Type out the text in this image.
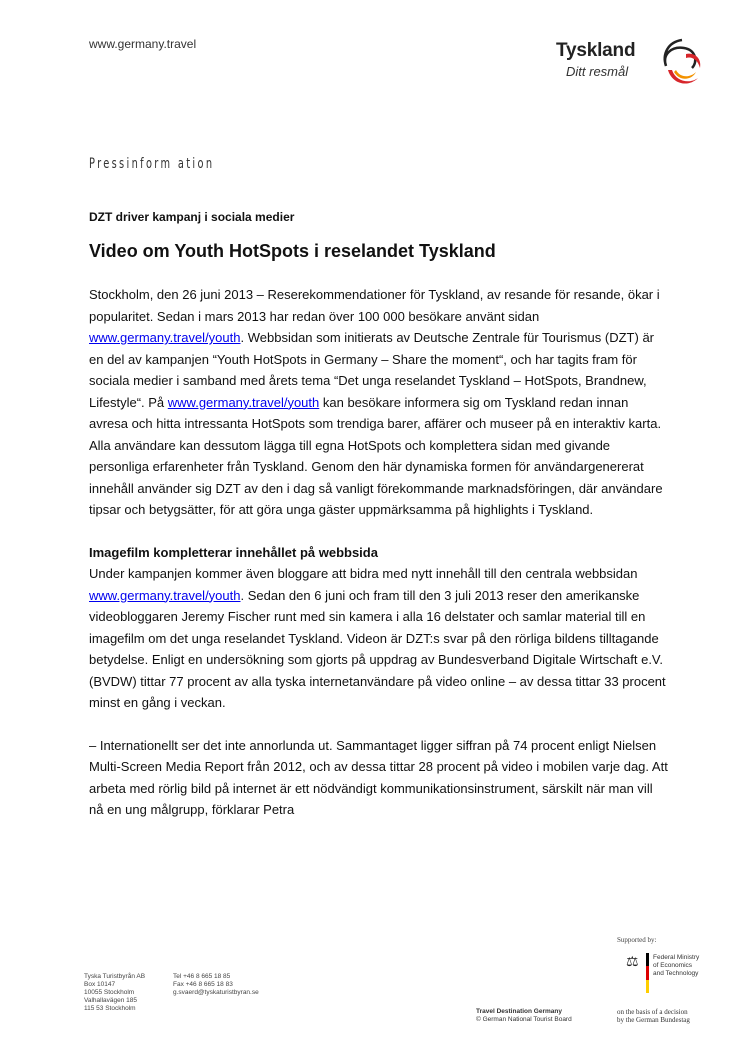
www.germany.travel	Tyskland
Ditt resmål
Pressinform ation
DZT driver kampanj i sociala medier
Video om Youth HotSpots i reselandet Tyskland

Stockholm, den 26 juni 2013 – Reserekommendationer för Tyskland, av resande för resande, ökar i popularitet. Sedan i mars 2013 har redan över 100 000 besökare använt sidan www.germany.travel/youth. Webbsidan som initierats av Deutsche Zentrale für Tourismus (DZT) är en del av kampanjen “Youth HotSpots in Germany – Share the moment“, och har tagits fram för sociala medier i samband med årets tema “Det unga reselandet Tyskland – HotSpots, Brandnew, Lifestyle“. På www.germany.travel/youth kan besökare informera sig om Tyskland redan innan avresa och hitta intressanta HotSpots som trendiga barer, affärer och museer på en interaktiv karta. Alla användare kan dessutom lägga till egna HotSpots och komplettera sidan med givande personliga erfarenheter från Tyskland. Genom den här dynamiska formen för användargenererat innehåll använder sig DZT av den i dag så vanligt förekommande marknadsföringen, där användare tipsar och betygsätter, för att göra unga gäster uppmärksamma på highlights i Tyskland.

Imagefilm kompletterar innehållet på webbsida

Under kampanjen kommer även bloggare att bidra med nytt innehåll till den centrala webbsidan www.germany.travel/youth. Sedan den 6 juni och fram till den 3 juli 2013 reser den amerikanske videobloggaren Jeremy Fischer runt med sin kamera i alla 16 delstater och samlar material till en imagefilm om det unga reselandet Tyskland. Videon är DZT:s svar på den rörliga bildens tilltagande betydelse. Enligt en undersökning som gjorts på uppdrag av Bundesverband Digitale Wirtschaft e.V. (BVDW) tittar 77 procent av alla tyska internetanvändare på video online – av dessa tittar 33 procent minst en gång i veckan.

– Internationellt ser det inte annorlunda ut. Sammantaget ligger siffran på 74 procent enligt Nielsen Multi-Screen Media Report från 2012, och av dessa tittar 28 procent på video i mobilen varje dag. Att arbeta med rörlig bild på internet är ett nödvändigt kommunikationsinstrument, särskilt när man vill nå en ung målgrupp, förklarar Petra

Supported by:
⚖ Federal Ministry
of Economics
and Technology
Tyska Turistbyrån AB
Box 10147
10055 Stockholm
Valhallavägen 185
115 53 Stockholm
Tel +46 8 665 18 85
Fax +46 8 665 18 83
g.svaerd@tyskaturistbyran.se
Travel Destination Germany
© German National Tourist Board
on the basis of a decision
by the German Bundestag
